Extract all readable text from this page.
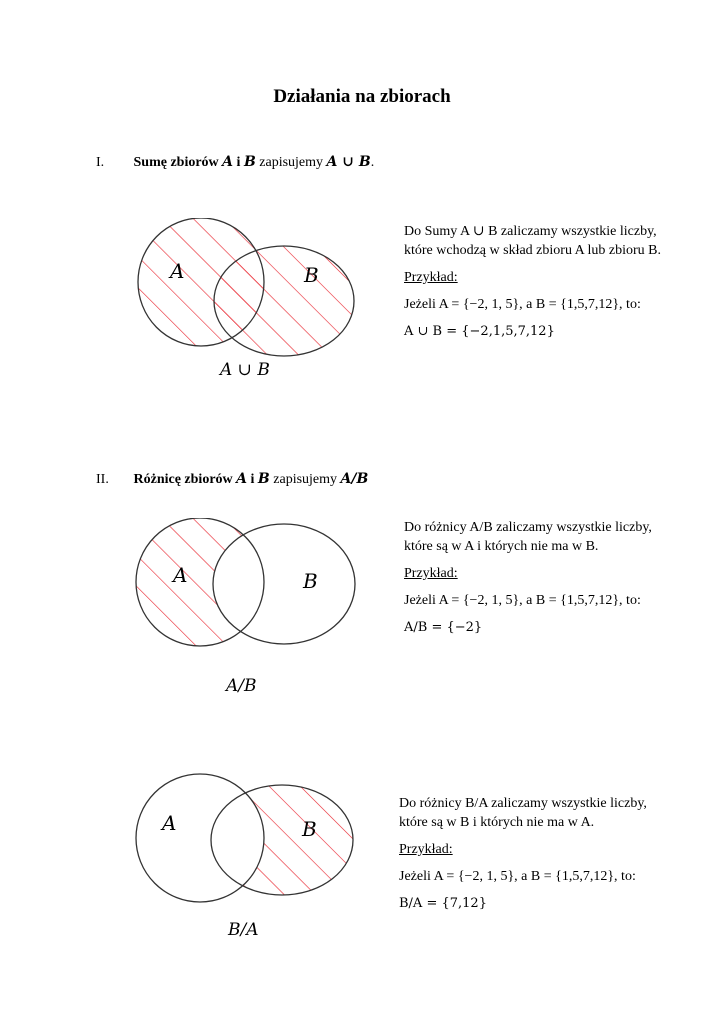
Działania na zbiorach
I. Sumę zbiorów A i B zapisujemy A ∪ B.
A	B
A ∪ B
Do Sumy A ∪ B zaliczamy wszystkie liczby,
które wchodzą w skład zbioru A lub zbioru B.
Przykład:
Jeżeli A = {−2, 1, 5}, a B = {1,5,7,12}, to:
A ∪ B = {−2,1,5,7,12}
II. Różnicę zbiorów A i B zapisujemy A/B
A	B
A/B
Do różnicy A/B zaliczamy wszystkie liczby,
które są w A i których nie ma w B.
Przykład:
Jeżeli A = {−2, 1, 5}, a B = {1,5,7,12}, to:
A/B = {−2}
A	B
B/A
Do różnicy B/A zaliczamy wszystkie liczby,
które są w B i których nie ma w A.
Przykład:
Jeżeli A = {−2, 1, 5}, a B = {1,5,7,12}, to:
B/A = {7,12}
